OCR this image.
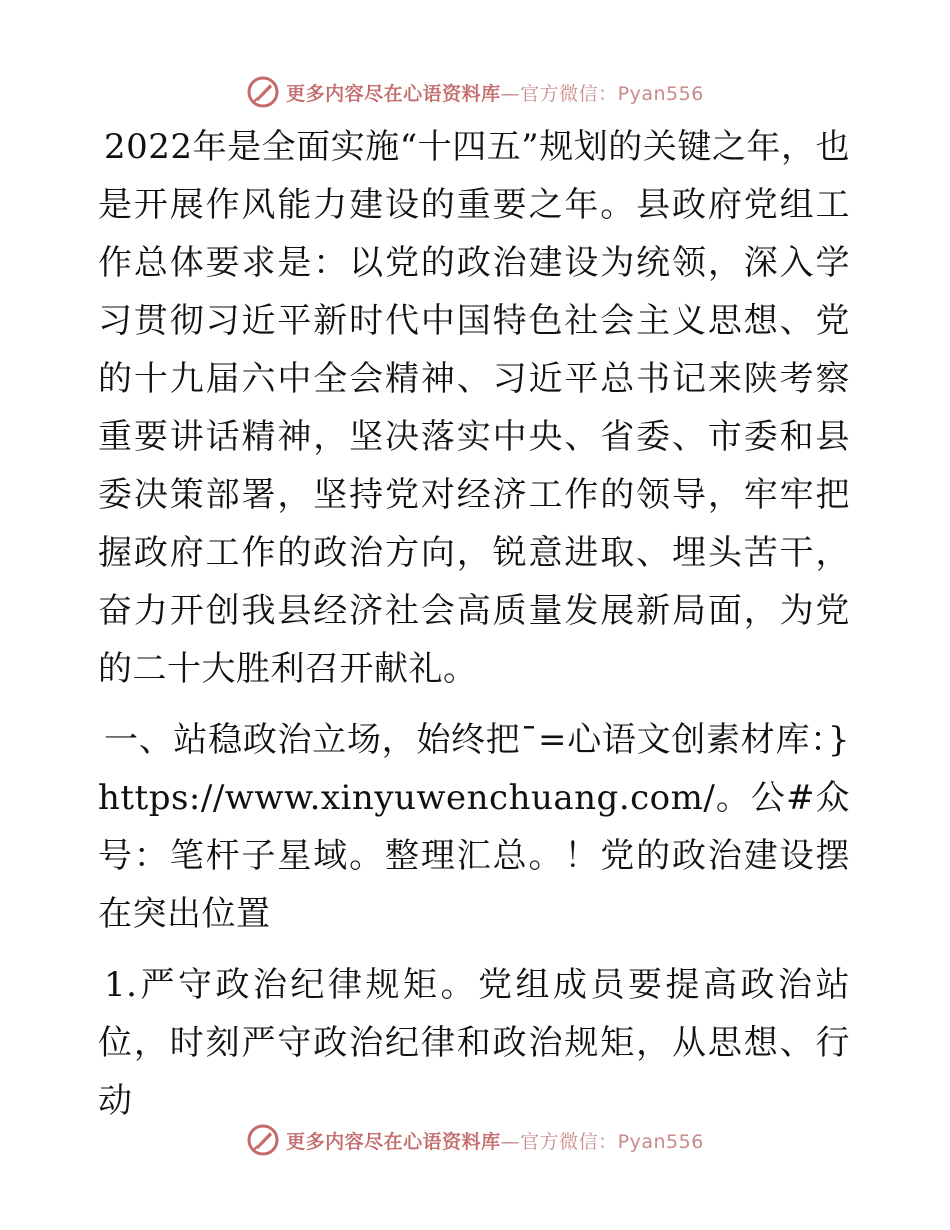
更多内容尽在心语资料库—官方微信：Pyan556

2022年是全面实施“十四五”规划的关键之年，也是开展作风能力建设的重要之年。县政府党组工作总体要求是：以党的政治建设为统领，深入学习贯彻习近平新时代中国特色社会主义思想、党的十九届六中全会精神、习近平总书记来陕考察重要讲话精神，坚决落实中央、省委、市委和县委决策部署，坚持党对经济工作的领导，牢牢把握政府工作的政治方向，锐意进取、埋头苦干，奋力开创我县经济社会高质量发展新局面，为党的二十大胜利召开献礼。

一、站稳政治立场，始终把¯=心语文创素材库：}https://www.xinyuwenchuang.com/。公#众号：笔杆子星域。整理汇总。！党的政治建设摆在突出位置

1.严守政治纪律规矩。党组成员要提高政治站位，时刻严守政治纪律和政治规矩，从思想、行动

更多内容尽在心语资料库—官方微信：Pyan556
